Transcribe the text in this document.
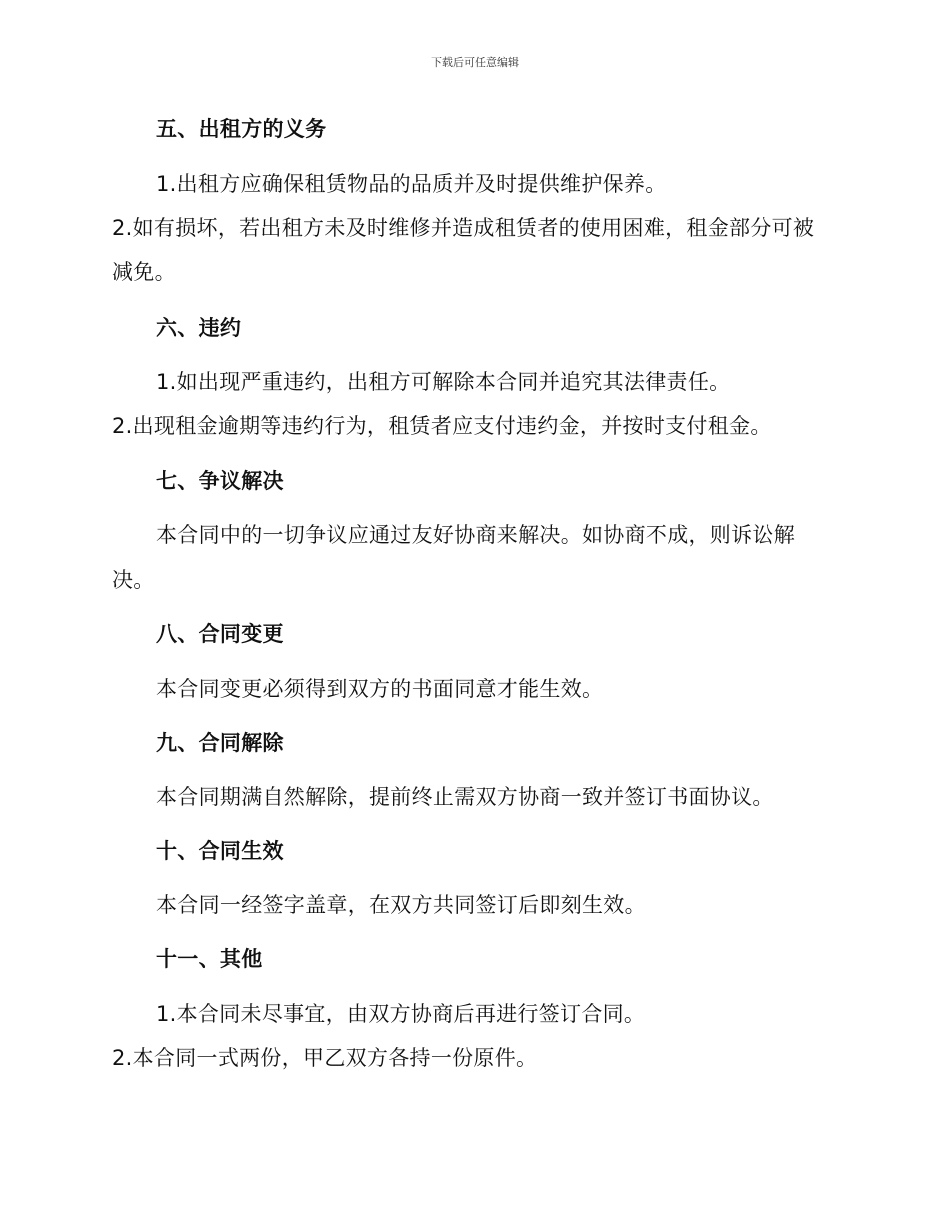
下载后可任意编辑
五、出租方的义务
1.出租方应确保租赁物品的品质并及时提供维护保养。
2.如有损坏，若出租方未及时维修并造成租赁者的使用困难，租金部分可被
减免。
六、违约
1.如出现严重违约，出租方可解除本合同并追究其法律责任。
2.出现租金逾期等违约行为，租赁者应支付违约金，并按时支付租金。
七、争议解决
本合同中的一切争议应通过友好协商来解决。如协商不成，则诉讼解
决。
八、合同变更
本合同变更必须得到双方的书面同意才能生效。
九、合同解除
本合同期满自然解除，提前终止需双方协商一致并签订书面协议。
十、合同生效
本合同一经签字盖章，在双方共同签订后即刻生效。
十一、其他
1.本合同未尽事宜，由双方协商后再进行签订合同。
2.本合同一式两份，甲乙双方各持一份原件。
